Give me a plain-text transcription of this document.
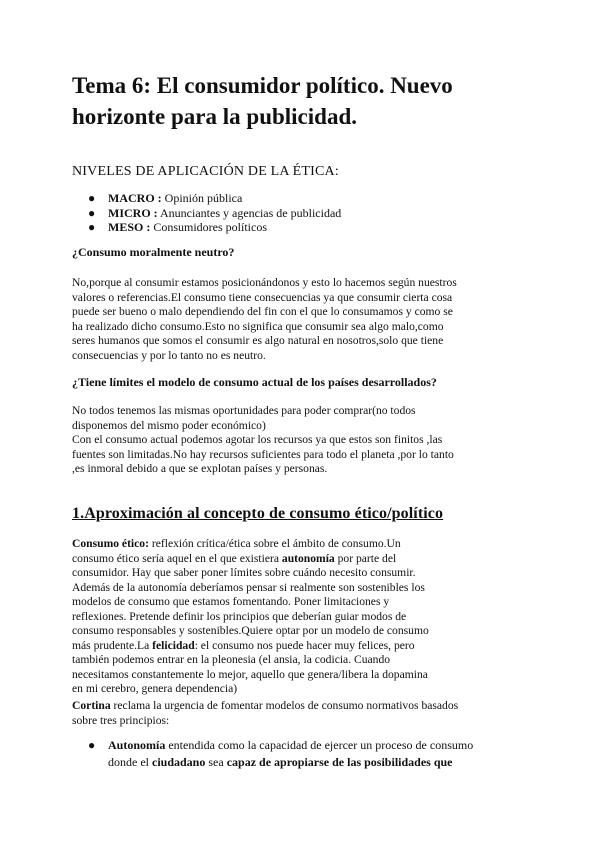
Tema 6: El consumidor político. Nuevo
horizonte para la publicidad.
NIVELES DE APLICACIÓN DE LA ÉTICA:
● MACRO : Opinión pública
● MICRO : Anunciantes y agencias de publicidad
● MESO : Consumidores políticos
¿Consumo moralmente neutro?

No,porque al consumir estamos posicionándonos y esto lo hacemos según nuestros
valores o referencias.El consumo tiene consecuencias ya que consumir cierta cosa
puede ser bueno o malo dependiendo del fin con el que lo consumamos y como se
ha realizado dicho consumo.Esto no significa que consumir sea algo malo,como
seres humanos que somos el consumir es algo natural en nosotros,solo que tiene
consecuencias y por lo tanto no es neutro.

¿Tiene límites el modelo de consumo actual de los países desarrollados?

No todos tenemos las mismas oportunidades para poder comprar(no todos
disponemos del mismo poder económico)
Con el consumo actual podemos agotar los recursos ya que estos son finitos ,las
fuentes son limitadas.No hay recursos suficientes para todo el planeta ,por lo tanto
,es inmoral debido a que se explotan países y personas.

1.Aproximación al concepto de consumo ético/político

Consumo ético: reflexión crítica/ética sobre el ámbito de consumo.Un
consumo ético sería aquel en el que existiera autonomía por parte del
consumidor. Hay que saber poner límites sobre cuándo necesito consumir.
Además de la autonomía deberíamos pensar si realmente son sostenibles los
modelos de consumo que estamos fomentando. Poner limitaciones y
reflexiones. Pretende definir los principios que deberían guiar modos de
consumo responsables y sostenibles.Quiere optar por un modelo de consumo
más prudente.La felicidad: el consumo nos puede hacer muy felices, pero
también podemos entrar en la pleonesia (el ansia, la codicia. Cuando
necesitamos constantemente lo mejor, aquello que genera/libera la dopamina
en mi cerebro, genera dependencia)

Cortina reclama la urgencia de fomentar modelos de consumo normativos basados
sobre tres principios:

● Autonomía entendida como la capacidad de ejercer un proceso de consumo
donde el ciudadano sea capaz de apropiarse de las posibilidades que
